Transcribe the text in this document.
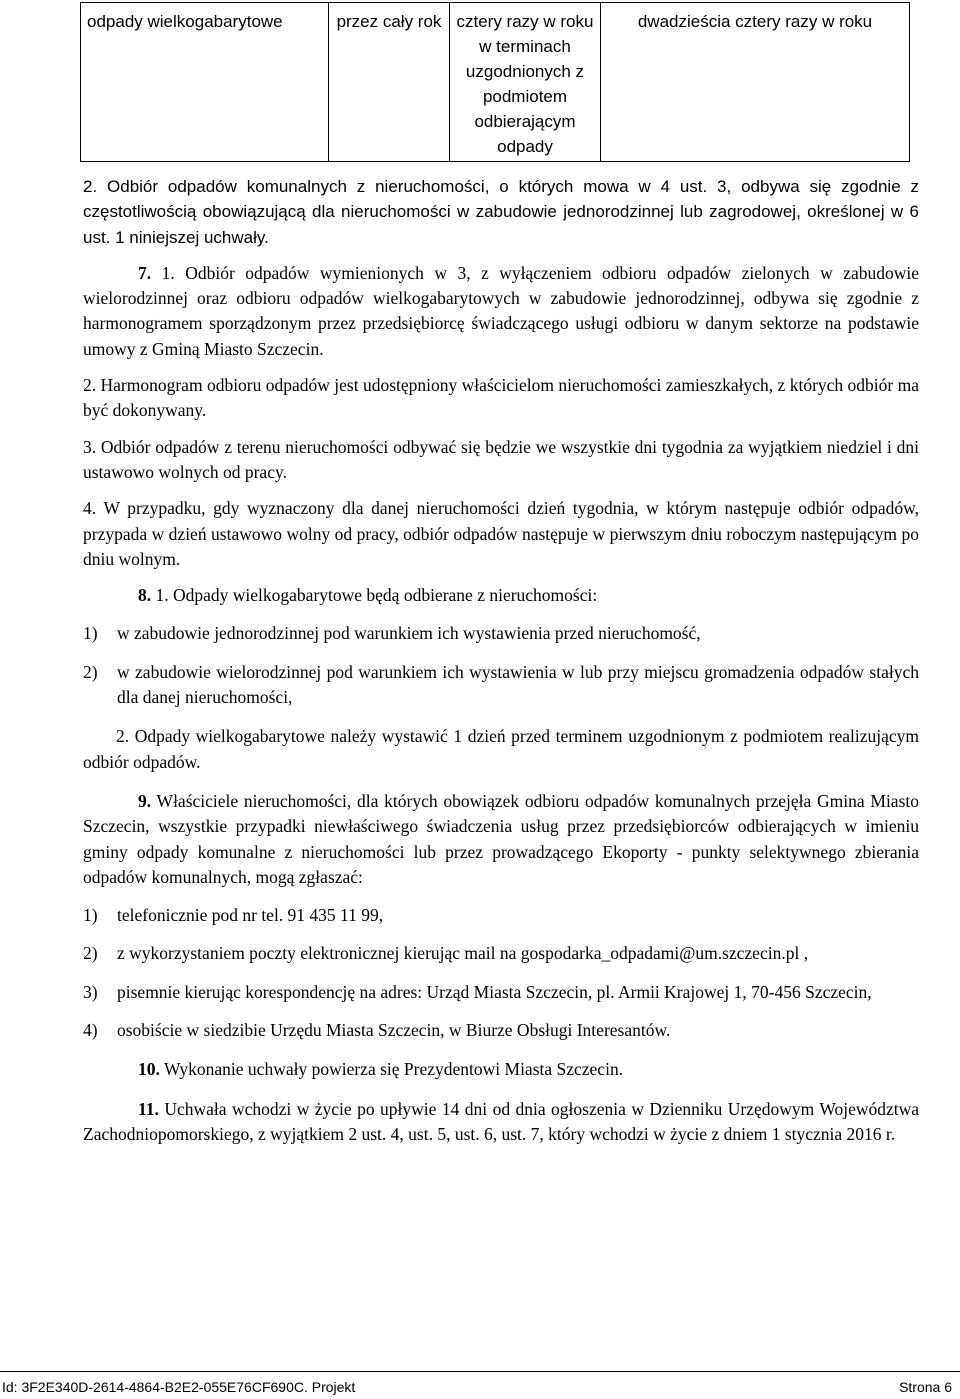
odpady wielkogabarytowe	przez cały rok	cztery razy w roku w terminach uzgodnionych z podmiotem odbierającym odpady	dwadzieścia cztery razy w roku

2. Odbiór odpadów komunalnych z nieruchomości, o których mowa w 4 ust. 3, odbywa się zgodnie z częstotliwością obowiązującą dla nieruchomości w zabudowie jednorodzinnej lub zagrodowej, określonej w 6 ust. 1 niniejszej uchwały.

7. 1. Odbiór odpadów wymienionych w 3, z wyłączeniem odbioru odpadów zielonych w zabudowie wielorodzinnej oraz odbioru odpadów wielkogabarytowych w zabudowie jednorodzinnej, odbywa się zgodnie z harmonogramem sporządzonym przez przedsiębiorcę świadczącego usługi odbioru w danym sektorze na podstawie umowy z Gminą Miasto Szczecin.

2. Harmonogram odbioru odpadów jest udostępniony właścicielom nieruchomości zamieszkałych, z których odbiór ma być dokonywany.

3. Odbiór odpadów z terenu nieruchomości odbywać się będzie we wszystkie dni tygodnia za wyjątkiem niedziel i dni ustawowo wolnych od pracy.

4. W przypadku, gdy wyznaczony dla danej nieruchomości dzień tygodnia, w którym następuje odbiór odpadów, przypada w dzień ustawowo wolny od pracy, odbiór odpadów następuje w pierwszym dniu roboczym następującym po dniu wolnym.

8. 1. Odpady wielkogabarytowe będą odbierane z nieruchomości:

1)	w zabudowie jednorodzinnej pod warunkiem ich wystawienia przed nieruchomość,
2)	w zabudowie wielorodzinnej pod warunkiem ich wystawienia w lub przy miejscu gromadzenia odpadów stałych dla danej nieruchomości,

2. Odpady wielkogabarytowe należy wystawić 1 dzień przed terminem uzgodnionym z podmiotem realizującym odbiór odpadów.

9. Właściciele nieruchomości, dla których obowiązek odbioru odpadów komunalnych przejęła Gmina Miasto Szczecin, wszystkie przypadki niewłaściwego świadczenia usług przez przedsiębiorców odbierających w imieniu gminy odpady komunalne z nieruchomości lub przez prowadzącego Ekoporty - punkty selektywnego zbierania odpadów komunalnych, mogą zgłaszać:

1)	telefonicznie pod nr tel. 91 435 11 99,
2)	z wykorzystaniem poczty elektronicznej kierując mail na gospodarka_odpadami@um.szczecin.pl ,
3)	pisemnie kierując korespondencję na adres: Urząd Miasta Szczecin, pl. Armii Krajowej 1, 70-456 Szczecin,
4)	osobiście w siedzibie Urzędu Miasta Szczecin, w Biurze Obsługi Interesantów.

10. Wykonanie uchwały powierza się Prezydentowi Miasta Szczecin.

11. Uchwała wchodzi w życie po upływie 14 dni od dnia ogłoszenia w Dzienniku Urzędowym Województwa Zachodniopomorskiego, z wyjątkiem 2 ust. 4, ust. 5, ust. 6, ust. 7, który wchodzi w życie z dniem 1 stycznia 2016 r.

Id: 3F2E340D-2614-4864-B2E2-055E76CF690C. Projekt	Strona 6
